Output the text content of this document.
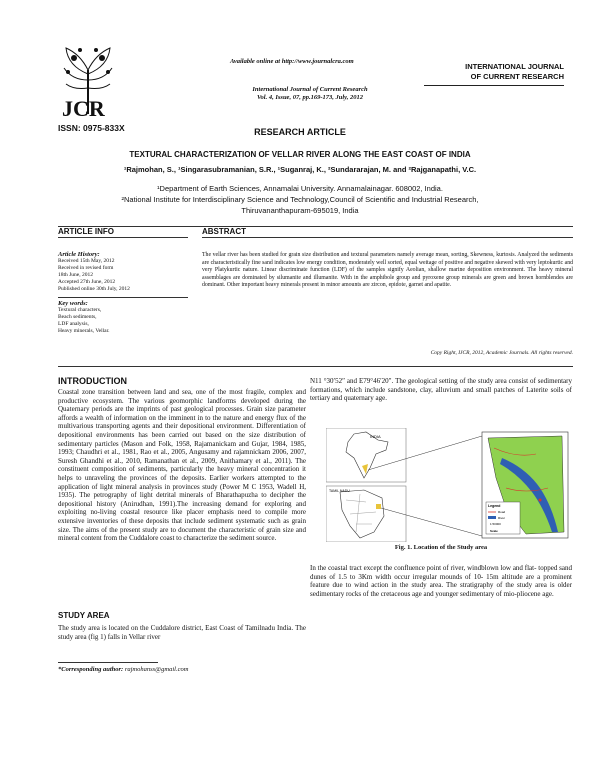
JCR
Available online at http://www.journalcra.com
International Journal of Current Research
Vol. 4, Issue, 07, pp.169-173, July, 2012
INTERNATIONAL JOURNAL
OF CURRENT RESEARCH
ISSN: 0975-833X	RESEARCH ARTICLE
TEXTURAL CHARACTERIZATION OF VELLAR RIVER ALONG THE EAST COAST OF INDIA
¹Rajmohan, S., ¹Singarasubramanian, S.R., ¹Suganraj, K., ²Sundararajan, M. and ²Rajganapathi, V.C.
¹Department of Earth Sciences, Annamalai University. Annamalainagar. 608002, India.
²National Institute for Interdisciplinary Science and Technology,Council of Scientific and Industrial Research,
Thiruvananthapuram-695019, India
ARTICLE INFO	ABSTRACT
Article History:
Received 15th May, 2012
Received in revised form
18th June, 2012
Accepted 27th June, 2012
Published online 30th July, 2012
Key words:
Textural characters,
Beach sediments,
LDF analysis,
Heavy minerals, Vellar.
The vellar river has been studied for grain size distribution and textural parameters namely average mean, sorting, Skewness, kurtosis. Analyzed the sediments are characteristically fine sand indicates low energy condition, moderately well sorted, equal weitage of positive and negative skewed with very leptokurtic and very Platykurtic nature. Linear discriminate function (LDF) of the samples signify Aeolian, shallow marine deposition environment. The heavy mineral assemblages are dominated by silumanite and illumanite. With in the amphibole group and pyroxene group minerals are green and brown hornblendes are dominant. Other important heavy minerals present in minor amounts are zircon, epidote, garnet and apatite.
Copy Right, IJCR, 2012, Academic Journals. All rights reserved.
INTRODUCTION
Coastal zone transition between land and sea, one of the most fragile, complex and productive ecosystem. The various geomorphic landforms developed during the Quaternary periods are the imprints of past geological processes. Grain size parameter affords a wealth of information on the imminent in to the nature and energy flux of the multivarious transporting agents and their depositional environment. Differentiation of depositional environments has been carried out based on the size distribution of sedimentary particles (Mason and Folk, 1958, Rajamanickam and Gujar, 1984, 1985, 1993; Chaudhri et al., 1981, Rao et al., 2005, Angusamy and rajamnickam 2006, 2007, Suresh Ghandhi et al., 2010, Ramanathan et al., 2009, Anithamary et al., 2011). The constituent composition of sediments, particularly the heavy mineral concentration it helps to unraveling the provinces of the deposits. Earlier workers attempted to the application of light mineral analysis in provinces study (Power M C 1953, Wadell H, 1935). The petrography of light detrital minerals of Bharathapuzha to decipher the depositional history (Anirudhan, 1991).The increasing demand for exploring and exploiting no-living coastal resource like placer emphasis need to compile more extensive inventories of these deposits that include sediment systematic such as grain size. The aims of the present study are to document the characteristic of grain size and mineral content from the Cuddalore coast to characterize the sediment source.
STUDY AREA
The study area is located on the Cuddalore district, East Coast of Tamilnadu India. The study area (fig 1) falls in Vellar river
N11 °30′52″ and E79°46′20″. The geological setting of the study area consist of sedimentary formations, which include sandstone, clay, alluvium and small patches of Laterite soils of tertiary and quaternary age.
INDIA
TAMIL NADU
Legend
Road
River
1:50000
Scale
Fig. 1. Location of the Study area
In the coastal tract except the confluence point of river, windblown low and flat- topped sand dunes of 1.5 to 3Km width occur irregular mounds of 10- 15m altitude are a prominent feature due to wind action in the study area. The stratigraphy of the study area is older sedimentary rocks of the cretaceous age and younger sedimentary of mio-pliocene age.
*Corresponding author: rajmohanss@gmail.com
